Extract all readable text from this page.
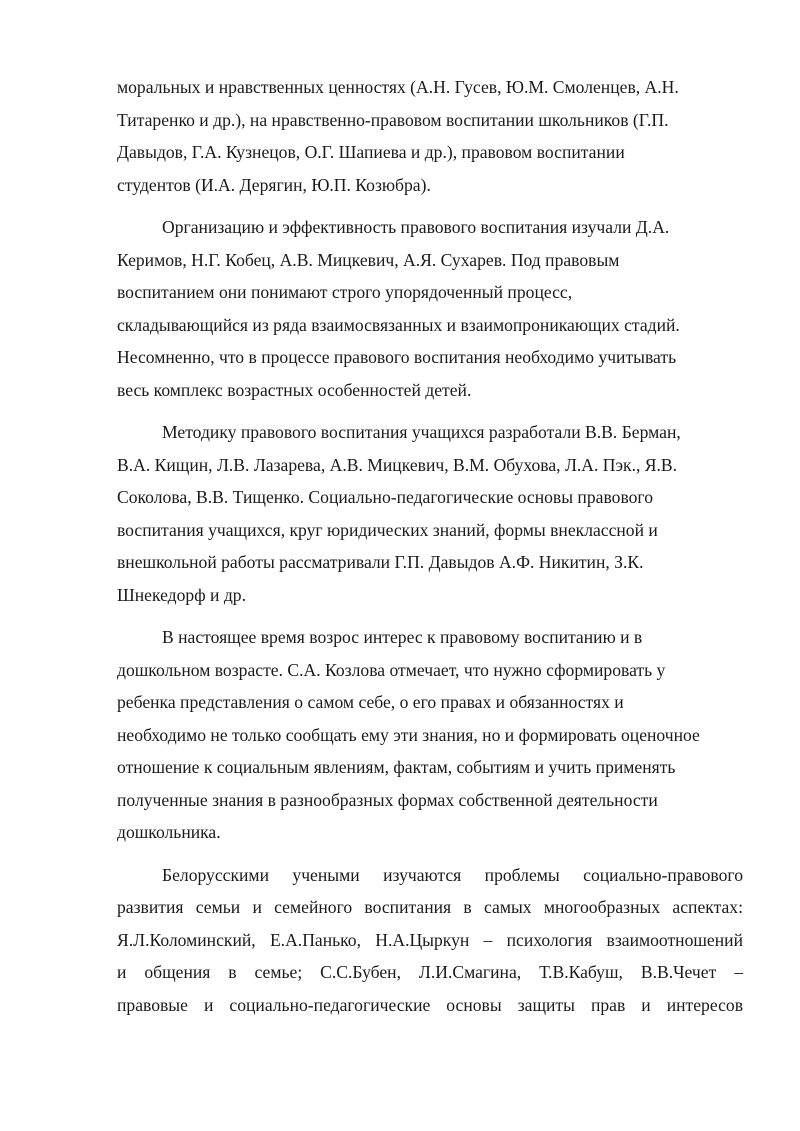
моральных и нравственных ценностях (А.Н. Гусев, Ю.М. Смоленцев, А.Н.
Титаренко и др.), на нравственно-правовом воспитании школьников (Г.П.
Давыдов, Г.А. Кузнецов, О.Г. Шапиева и др.), правовом воспитании
студентов (И.А. Дерягин, Ю.П. Козюбра).

Организацию и эффективность правового воспитания изучали Д.А.
Керимов, Н.Г. Кобец, А.В. Мицкевич, А.Я. Сухарев. Под правовым
воспитанием они понимают строго упорядоченный процесс,
складывающийся из ряда взаимосвязанных и взаимопроникающих стадий.
Несомненно, что в процессе правового воспитания необходимо учитывать
весь комплекс возрастных особенностей детей.

Методику правового воспитания учащихся разработали В.В. Берман,
В.А. Кищин, Л.В. Лазарева, А.В. Мицкевич, В.М. Обухова, Л.А. Пэк., Я.В.
Соколова, В.В. Тищенко. Социально-педагогические основы правового
воспитания учащихся, круг юридических знаний, формы внеклассной и
внешкольной работы рассматривали Г.П. Давыдов А.Ф. Никитин, З.К.
Шнекедорф и др.

В настоящее время возрос интерес к правовому воспитанию и в
дошкольном возрасте. С.А. Козлова отмечает, что нужно сформировать у
ребенка представления о самом себе, о его правах и обязанностях и
необходимо не только сообщать ему эти знания, но и формировать оценочное
отношение к социальным явлениям, фактам, событиям и учить применять
полученные знания в разнообразных формах собственной деятельности
дошкольника.

Белорусскими учеными изучаются проблемы социально-правового
развития семьи и семейного воспитания в самых многообразных аспектах:
Я.Л.Коломинский, Е.А.Панько, Н.А.Цыркун – психология взаимоотношений
и общения в семье; С.С.Бубен, Л.И.Смагина, Т.В.Кабуш, В.В.Чечет –
правовые и социально-педагогические основы защиты прав и интересов
